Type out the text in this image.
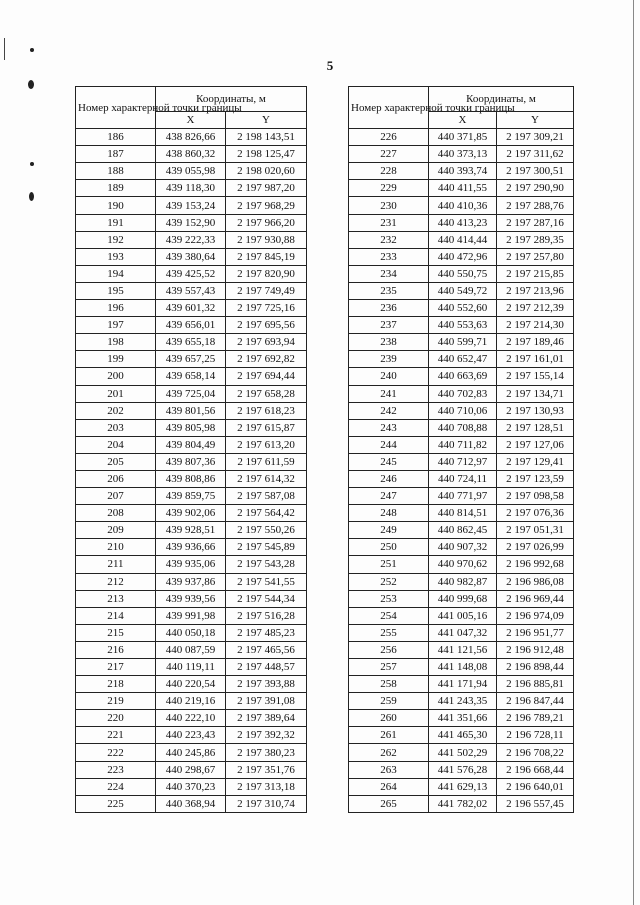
5
Номер характерной точки границы	Координаты, м	
	X	Y
186	438 826,66	2 198 143,51
187	438 860,32	2 198 125,47
188	439 055,98	2 198 020,60
189	439 118,30	2 197 987,20
190	439 153,24	2 197 968,29
191	439 152,90	2 197 966,20
192	439 222,33	2 197 930,88
193	439 380,64	2 197 845,19
194	439 425,52	2 197 820,90
195	439 557,43	2 197 749,49
196	439 601,32	2 197 725,16
197	439 656,01	2 197 695,56
198	439 655,18	2 197 693,94
199	439 657,25	2 197 692,82
200	439 658,14	2 197 694,44
201	439 725,04	2 197 658,28
202	439 801,56	2 197 618,23
203	439 805,98	2 197 615,87
204	439 804,49	2 197 613,20
205	439 807,36	2 197 611,59
206	439 808,86	2 197 614,32
207	439 859,75	2 197 587,08
208	439 902,06	2 197 564,42
209	439 928,51	2 197 550,26
210	439 936,66	2 197 545,89
211	439 935,06	2 197 543,28
212	439 937,86	2 197 541,55
213	439 939,56	2 197 544,34
214	439 991,98	2 197 516,28
215	440 050,18	2 197 485,23
216	440 087,59	2 197 465,56
217	440 119,11	2 197 448,57
218	440 220,54	2 197 393,88
219	440 219,16	2 197 391,08
220	440 222,10	2 197 389,64
221	440 223,43	2 197 392,32
222	440 245,86	2 197 380,23
223	440 298,67	2 197 351,76
224	440 370,23	2 197 313,18
225	440 368,94	2 197 310,74
Номер характерной точки границы	Координаты, м	
	X	Y
226	440 371,85	2 197 309,21
227	440 373,13	2 197 311,62
228	440 393,74	2 197 300,51
229	440 411,55	2 197 290,90
230	440 410,36	2 197 288,76
231	440 413,23	2 197 287,16
232	440 414,44	2 197 289,35
233	440 472,96	2 197 257,80
234	440 550,75	2 197 215,85
235	440 549,72	2 197 213,96
236	440 552,60	2 197 212,39
237	440 553,63	2 197 214,30
238	440 599,71	2 197 189,46
239	440 652,47	2 197 161,01
240	440 663,69	2 197 155,14
241	440 702,83	2 197 134,71
242	440 710,06	2 197 130,93
243	440 708,88	2 197 128,51
244	440 711,82	2 197 127,06
245	440 712,97	2 197 129,41
246	440 724,11	2 197 123,59
247	440 771,97	2 197 098,58
248	440 814,51	2 197 076,36
249	440 862,45	2 197 051,31
250	440 907,32	2 197 026,99
251	440 970,62	2 196 992,68
252	440 982,87	2 196 986,08
253	440 999,68	2 196 969,44
254	441 005,16	2 196 974,09
255	441 047,32	2 196 951,77
256	441 121,56	2 196 912,48
257	441 148,08	2 196 898,44
258	441 171,94	2 196 885,81
259	441 243,35	2 196 847,44
260	441 351,66	2 196 789,21
261	441 465,30	2 196 728,11
262	441 502,29	2 196 708,22
263	441 576,28	2 196 668,44
264	441 629,13	2 196 640,01
265	441 782,02	2 196 557,45
